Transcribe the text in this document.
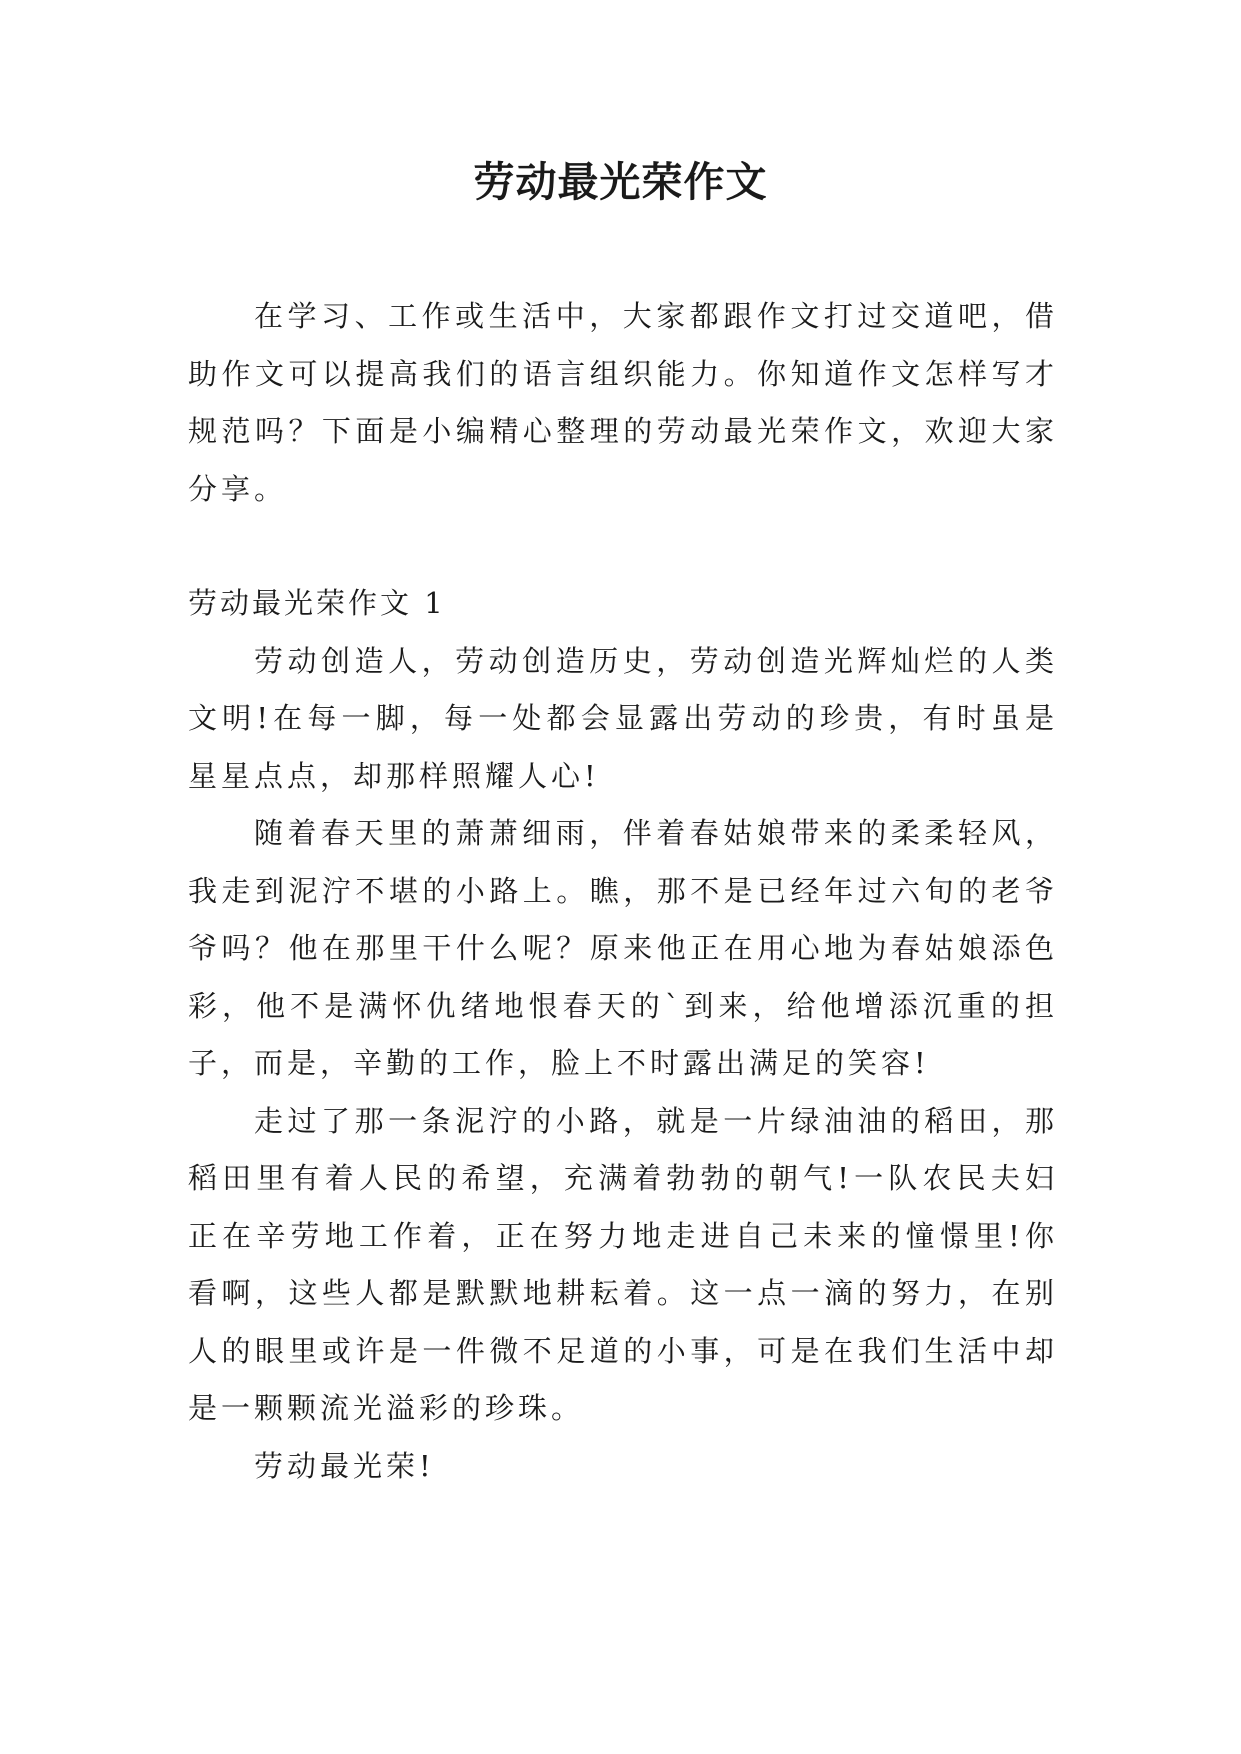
劳动最光荣作文

在学习、工作或生活中，大家都跟作文打过交道吧，借助作文可以提高我们的语言组织能力。你知道作文怎样写才规范吗？下面是小编精心整理的劳动最光荣作文，欢迎大家分享。

劳动最光荣作文 1

劳动创造人，劳动创造历史，劳动创造光辉灿烂的人类文明!在每一脚，每一处都会显露出劳动的珍贵，有时虽是星星点点，却那样照耀人心!

随着春天里的萧萧细雨，伴着春姑娘带来的柔柔轻风，我走到泥泞不堪的小路上。瞧，那不是已经年过六旬的老爷爷吗？他在那里干什么呢？原来他正在用心地为春姑娘添色彩，他不是满怀仇绪地恨春天的`到来，给他增添沉重的担子，而是，辛勤的工作，脸上不时露出满足的笑容!

走过了那一条泥泞的小路，就是一片绿油油的稻田，那稻田里有着人民的希望，充满着勃勃的朝气!一队农民夫妇正在辛劳地工作着，正在努力地走进自己未来的憧憬里!你看啊，这些人都是默默地耕耘着。这一点一滴的努力，在别人的眼里或许是一件微不足道的小事，可是在我们生活中却是一颗颗流光溢彩的珍珠。

劳动最光荣!
